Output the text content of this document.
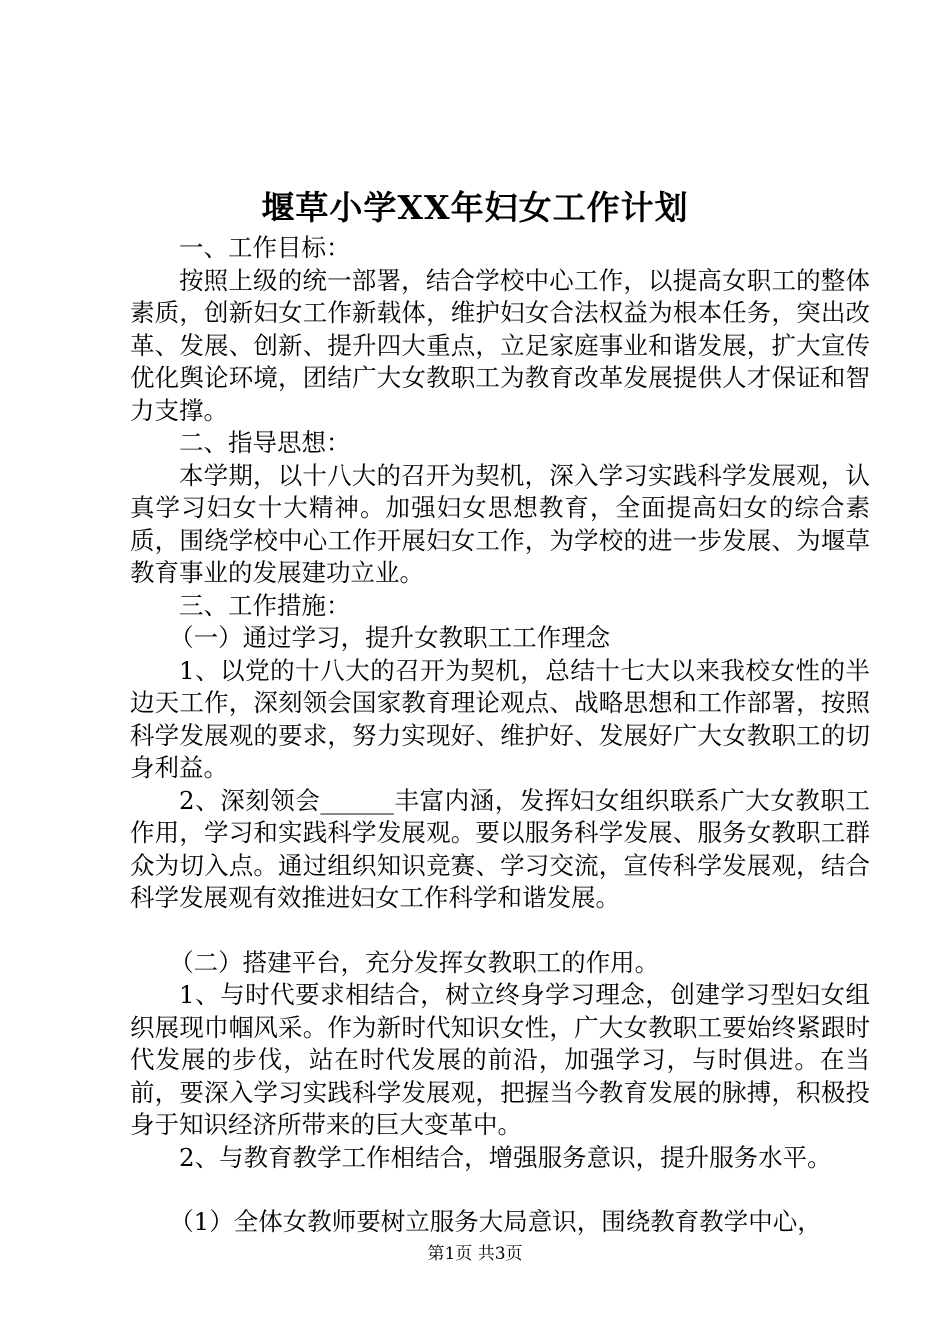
堰草小学XX年妇女工作计划

一、工作目标：

按照上级的统一部署，结合学校中心工作，以提高女职工的整体素质，创新妇女工作新载体，维护妇女合法权益为根本任务，突出改革、发展、创新、提升四大重点，立足家庭事业和谐发展，扩大宣传优化舆论环境，团结广大女教职工为教育改革发展提供人才保证和智力支撑。

二、指导思想：

本学期，以十八大的召开为契机，深入学习实践科学发展观，认真学习妇女十大精神。加强妇女思想教育，全面提高妇女的综合素质，围绕学校中心工作开展妇女工作，为学校的进一步发展、为堰草教育事业的发展建功立业。

三、工作措施：

（一）通过学习，提升女教职工工作理念

1、以党的十八大的召开为契机，总结十七大以来我校女性的半边天工作，深刻领会国家教育理论观点、战略思想和工作部署，按照科学发展观的要求，努力实现好、维护好、发展好广大女教职工的切身利益。

2、深刻领会______丰富内涵，发挥妇女组织联系广大女教职工作用，学习和实践科学发展观。要以服务科学发展、服务女教职工群众为切入点。通过组织知识竞赛、学习交流，宣传科学发展观，结合科学发展观有效推进妇女工作科学和谐发展。

（二）搭建平台，充分发挥女教职工的作用。

1、与时代要求相结合，树立终身学习理念，创建学习型妇女组织展现巾帼风采。作为新时代知识女性，广大女教职工要始终紧跟时代发展的步伐，站在时代发展的前沿，加强学习，与时俱进。在当前，要深入学习实践科学发展观，把握当今教育发展的脉搏，积极投身于知识经济所带来的巨大变革中。

2、与教育教学工作相结合，增强服务意识，提升服务水平。

（1）全体女教师要树立服务大局意识，围绕教育教学中心，

第1页 共3页
